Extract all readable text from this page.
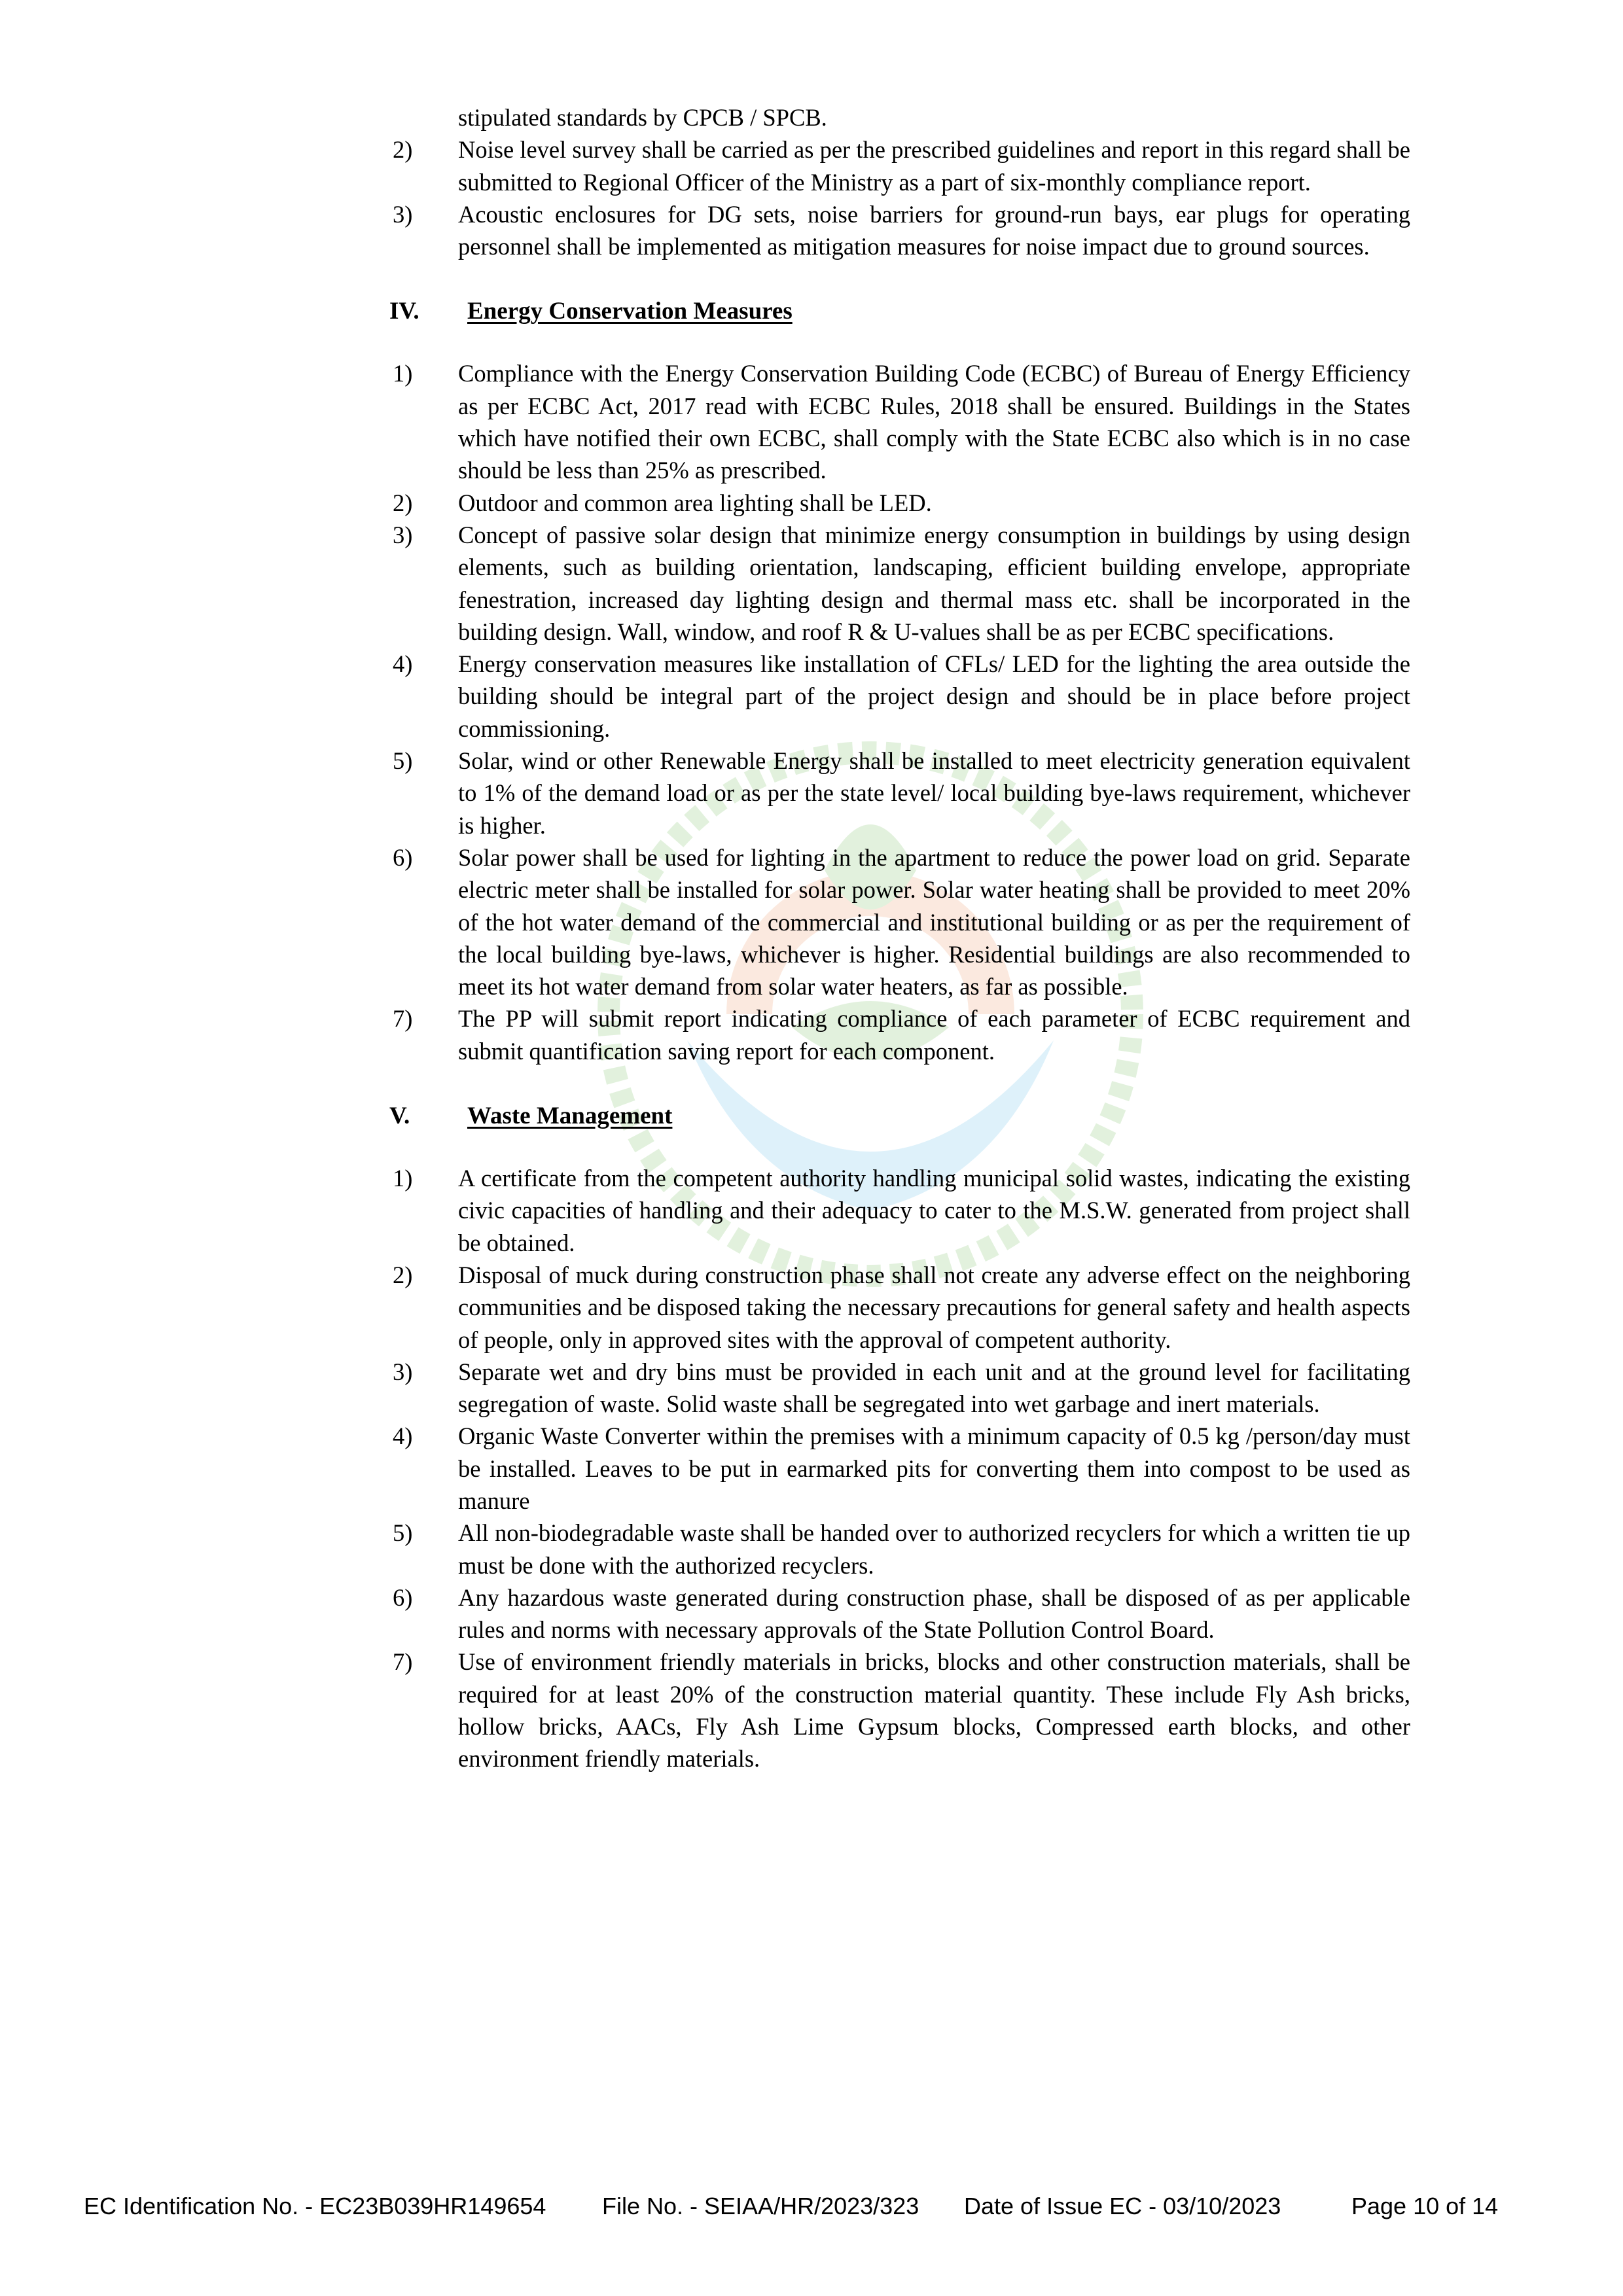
stipulated standards by CPCB / SPCB.
2) Noise level survey shall be carried as per the prescribed guidelines and report in this regard shall be submitted to Regional Officer of the Ministry as a part of six-monthly compliance report.
3) Acoustic enclosures for DG sets, noise barriers for ground-run bays, ear plugs for operating personnel shall be implemented as mitigation measures for noise impact due to ground sources.
IV. Energy Conservation Measures
1) Compliance with the Energy Conservation Building Code (ECBC) of Bureau of Energy Efficiency as per ECBC Act, 2017 read with ECBC Rules, 2018 shall be ensured. Buildings in the States which have notified their own ECBC, shall comply with the State ECBC also which is in no case should be less than 25% as prescribed.
2) Outdoor and common area lighting shall be LED.
3) Concept of passive solar design that minimize energy consumption in buildings by using design elements, such as building orientation, landscaping, efficient building envelope, appropriate fenestration, increased day lighting design and thermal mass etc. shall be incorporated in the building design. Wall, window, and roof R & U-values shall be as per ECBC specifications.
4) Energy conservation measures like installation of CFLs/ LED for the lighting the area outside the building should be integral part of the project design and should be in place before project commissioning.
5) Solar, wind or other Renewable Energy shall be installed to meet electricity generation equivalent to 1% of the demand load or as per the state level/ local building bye-laws requirement, whichever is higher.
6) Solar power shall be used for lighting in the apartment to reduce the power load on grid. Separate electric meter shall be installed for solar power. Solar water heating shall be provided to meet 20% of the hot water demand of the commercial and institutional building or as per the requirement of the local building bye-laws, whichever is higher. Residential buildings are also recommended to meet its hot water demand from solar water heaters, as far as possible.
7) The PP will submit report indicating compliance of each parameter of ECBC requirement and submit quantification saving report for each component.
V. Waste Management
1) A certificate from the competent authority handling municipal solid wastes, indicating the existing civic capacities of handling and their adequacy to cater to the M.S.W. generated from project shall be obtained.
2) Disposal of muck during construction phase shall not create any adverse effect on the neighboring communities and be disposed taking the necessary precautions for general safety and health aspects of people, only in approved sites with the approval of competent authority.
3) Separate wet and dry bins must be provided in each unit and at the ground level for facilitating segregation of waste. Solid waste shall be segregated into wet garbage and inert materials.
4) Organic Waste Converter within the premises with a minimum capacity of 0.5 kg /person/day must be installed. Leaves to be put in earmarked pits for converting them into compost to be used as manure
5) All non-biodegradable waste shall be handed over to authorized recyclers for which a written tie up must be done with the authorized recyclers.
6) Any hazardous waste generated during construction phase, shall be disposed of as per applicable rules and norms with necessary approvals of the State Pollution Control Board.
7) Use of environment friendly materials in bricks, blocks and other construction materials, shall be required for at least 20% of the construction material quantity. These include Fly Ash bricks, hollow bricks, AACs, Fly Ash Lime Gypsum blocks, Compressed earth blocks, and other environment friendly materials.
EC Identification No. - EC23B039HR149654 File No. - SEIAA/HR/2023/323 Date of Issue EC - 03/10/2023	Page 10 of 14
